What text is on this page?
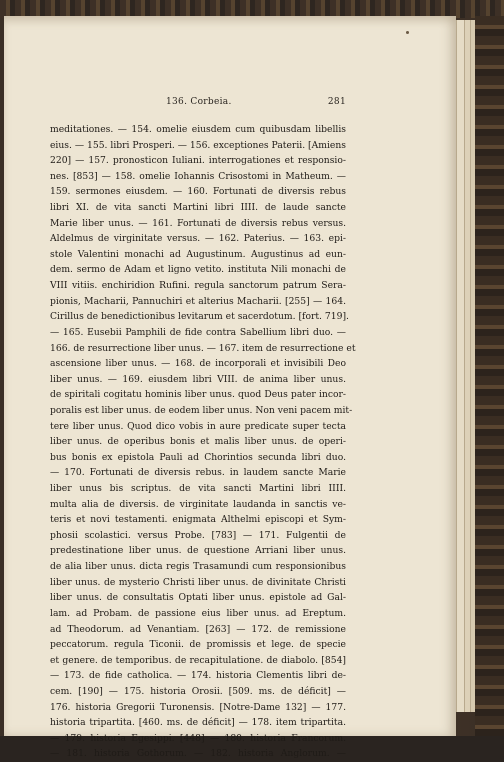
136. Corbeia.	281
meditationes. — 154. omelie eiusdem cum quibusdam libellis
eius. — 155. libri Prosperi. — 156. exceptiones Paterii. [Amiens
220] — 157. pronosticon Iuliani. interrogationes et responsio-
nes. [853] — 158. omelie Iohannis Crisostomi in Matheum. —
159. sermones eiusdem. — 160. Fortunati de diversis rebus
libri XI. de vita sancti Martini libri IIII. de laude sancte
Marie liber unus. — 161. Fortunati de diversis rebus versus.
Aldelmus de virginitate versus. — 162. Paterius. — 163. epi-
stole Valentini monachi ad Augustinum. Augustinus ad eun-
dem. sermo de Adam et ligno vetito. instituta Nili monachi de
VIII vitiis. enchiridion Rufini. regula sanctorum patrum Sera-
pionis, Macharii, Pannuchiri et alterius Macharii. [255] — 164.
Cirillus de benedictionibus levitarum et sacerdotum. [fort. 719].
— 165. Eusebii Pamphili de fide contra Sabellium libri duo. —
166. de resurrectione liber unus. — 167. item de resurrectione et
ascensione liber unus. — 168. de incorporali et invisibili Deo
liber unus. — 169. eiusdem libri VIII. de anima liber unus.
de spiritali cogitatu hominis liber unus. quod Deus pater incor-
poralis est liber unus. de eodem liber unus. Non veni pacem mit-
tere liber unus. Quod dico vobis in aure predicate super tecta
liber unus. de operibus bonis et malis liber unus. de operi-
bus bonis ex epistola Pauli ad Chorintios secunda libri duo.
— 170. Fortunati de diversis rebus. in laudem sancte Marie
liber unus bis scriptus. de vita sancti Martini libri IIII.
multa alia de diversis. de virginitate laudanda in sanctis ve-
teris et novi testamenti. enigmata Althelmi episcopi et Sym-
phosii scolastici. versus Probe. [783] — 171. Fulgentii de
predestinatione liber unus. de questione Arriani liber unus.
de alia liber unus. dicta regis Trasamundi cum responsionibus
liber unus. de mysterio Christi liber unus. de divinitate Christi
liber unus. de consultatis Optati liber unus. epistole ad Gal-
lam. ad Probam. de passione eius liber unus. ad Ereptum.
ad Theodorum. ad Venantiam. [263] — 172. de remissione
peccatorum. regula Ticonii. de promissis et lege. de specie
et genere. de temporibus. de recapitulatione. de diabolo. [854]
— 173. de fide catholica. — 174. historia Clementis libri de-
cem. [190] — 175. historia Orosii. [509. ms. de déficit] —
176. historia Gregorii Turonensis. [Notre-Dame 132] — 177.
historia tripartita. [460. ms. de déficit] — 178. item tripartita.
— 179. historia Egesippi. [448] — 180. historia Francorum.
— 181. historia Gothorum. — 182. historia Anglorum. —
